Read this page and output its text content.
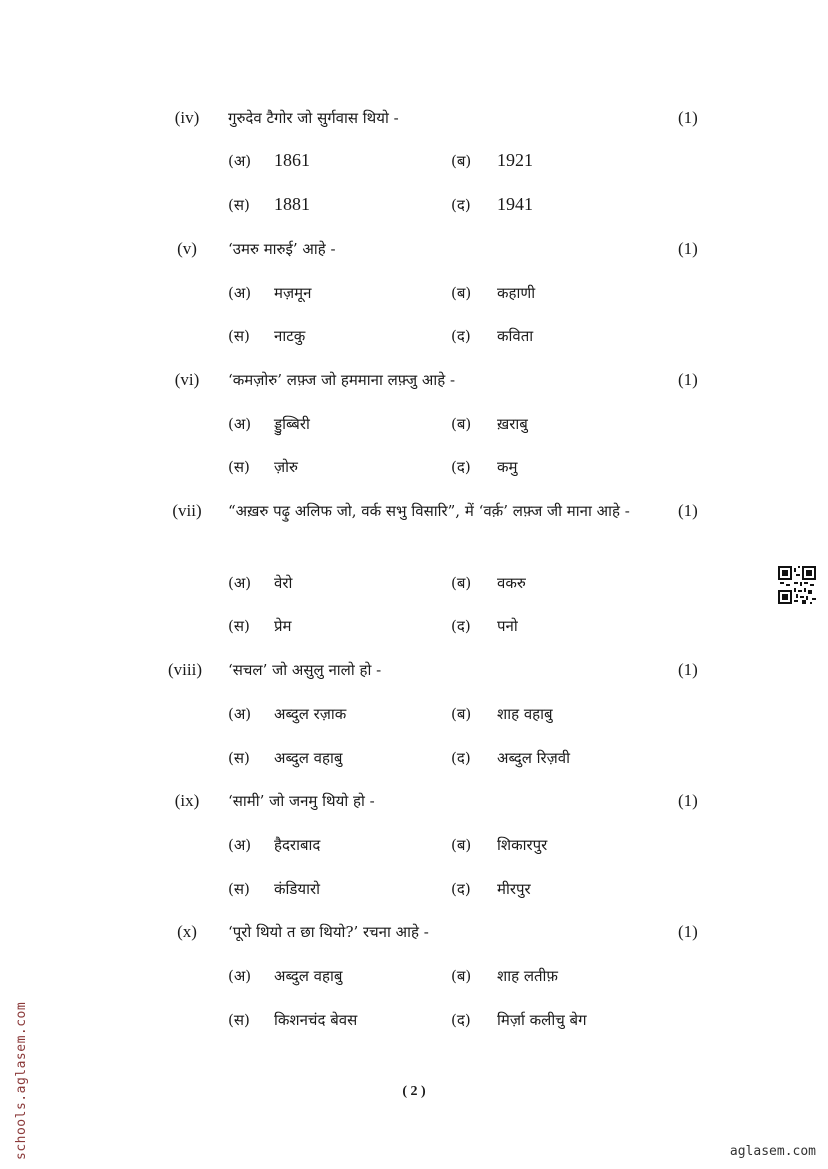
(iv)	गुरुदेव टैगोर जो सुर्गवास थियो -	(1)
(अ) 1861	(ब) 1921
(स) 1881	(द) 1941
(v)	‘उमरु मारुई’ आहे -	(1)
(अ) मज़मून	(ब) कहाणी
(स) नाटकु	(द) कविता
(vi)	‘कमज़ोरु’ लफ़्ज जो हममाना लफ़्जु आहे -	(1)
(अ) ड्डुब्बिरी	(ब) ख़राबु
(स) ज़ोरु	(द) कमु
(vii)	“अख़रु पढ़ु अलिफ जो, वर्क सभु विसारि”, में ‘वर्क़’ लफ़्ज जी माना आहे -	(1)
(अ) वेरो	(ब) वकरु
(स) प्रेम	(द) पनो
(viii)	‘सचल’ जो असुलु नालो हो -	(1)
(अ) अब्दुल रज़ाक	(ब) शाह वहाबु
(स) अब्दुल वहाबु	(द) अब्दुल रिज़वी
(ix)	‘सामी’ जो जनमु थियो हो -	(1)
(अ) हैदराबाद	(ब) शिकारपुर
(स) कंडियारो	(द) मीरपुर
(x)	‘पूरो थियो त छा थियो?’ रचना आहे -	(1)
(अ) अब्दुल वहाबु	(ब) शाह लतीफ़
(स) किशनचंद बेवस	(द) मिर्ज़ा कलीचु बेग
( 2 )
schools.aglasem.com	aglasem.com
